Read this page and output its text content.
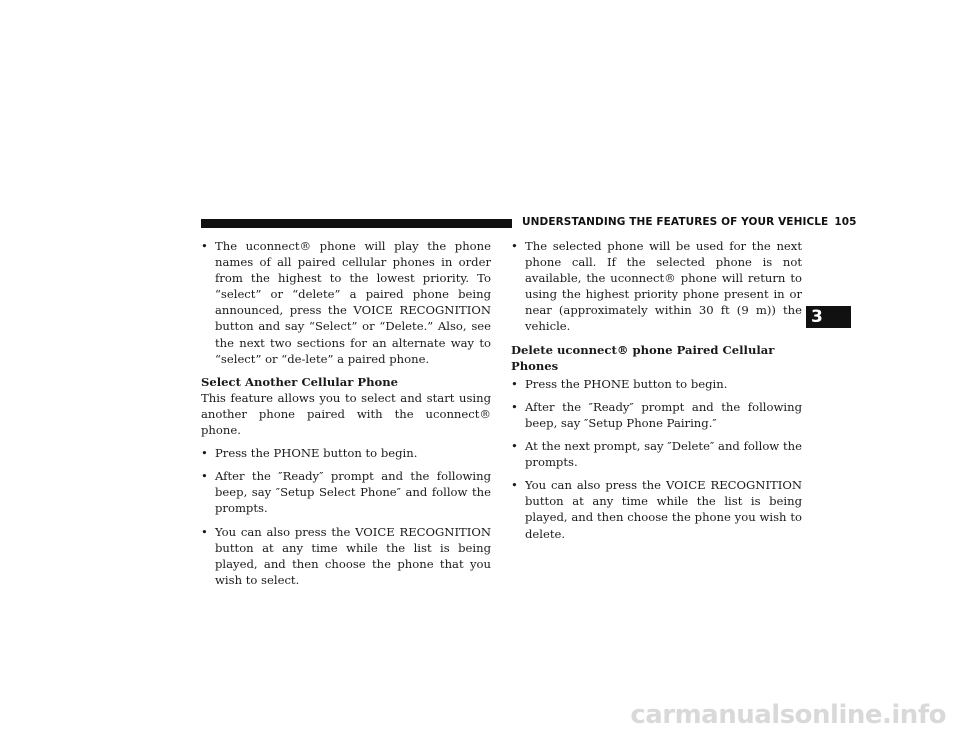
UNDERSTANDING THE FEATURES OF YOUR VEHICLE 105
3
• The uconnect® phone will play the phone names of all paired cellular phones in order from the highest to the lowest priority. To “select” or “delete” a paired phone being announced, press the VOICE RECOGNITION button and say “Select” or “Delete.” Also, see the next two sections for an alternate way to “select” or “de-lete” a paired phone.

Select Another Cellular Phone

This feature allows you to select and start using another phone paired with the uconnect® phone.

• Press the PHONE button to begin.
• After the ″Ready″ prompt and the following beep, say ″Setup Select Phone″ and follow the prompts.
• You can also press the VOICE RECOGNITION button at any time while the list is being played, and then choose the phone that you wish to select.
• The selected phone will be used for the next phone call. If the selected phone is not available, the uconnect® phone will return to using the highest priority phone present in or near (approximately within 30 ft (9 m)) the vehicle.

Delete uconnect® phone Paired Cellular Phones

• Press the PHONE button to begin.
• After the ″Ready″ prompt and the following beep, say ″Setup Phone Pairing.″
• At the next prompt, say ″Delete″ and follow the prompts.
• You can also press the VOICE RECOGNITION button at any time while the list is being played, and then choose the phone you wish to delete.
carmanualsonline.info
